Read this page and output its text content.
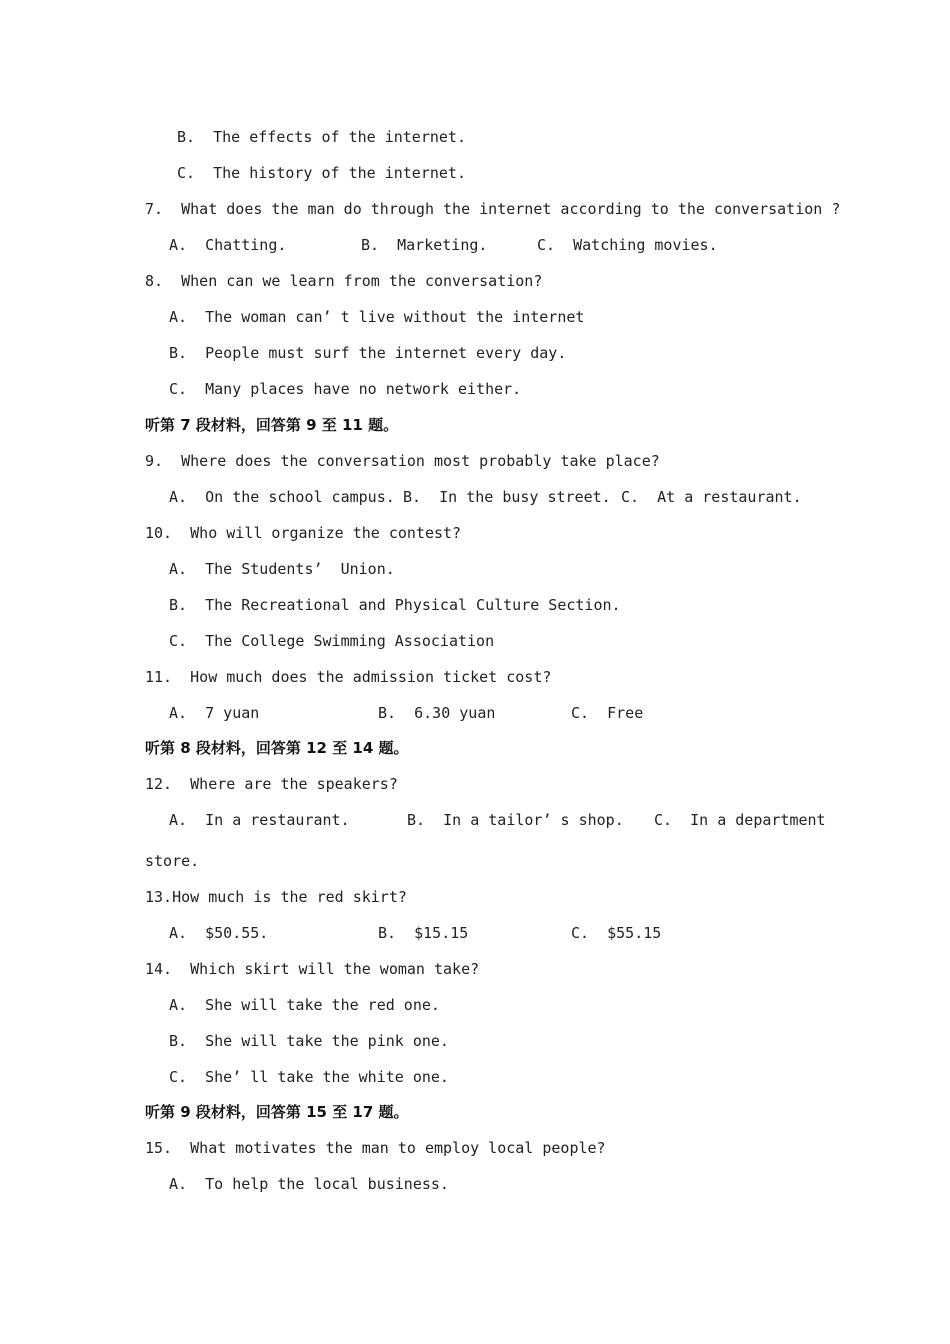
B.  The effects of the internet.
C.  The history of the internet.
7.  What does the man do through the internet according to the conversation ?
A.  Chatting.	B.  Marketing.	C.  Watching movies.
8.  When can we learn from the conversation?
A.  The woman can’ t live without the internet
B.  People must surf the internet every day.
C.  Many places have no network either.
听第 7 段材料，回答第 9 至 11 题。
9.  Where does the conversation most probably take place?
A.  On the school campus. B.  In the busy street. C.  At a restaurant.
10.  Who will organize the contest?
A.  The Students’  Union.
B.  The Recreational and Physical Culture Section.
C.  The College Swimming Association
11.  How much does the admission ticket cost?
A.  7 yuan	B.  6.30 yuan	C.  Free
听第 8 段材料，回答第 12 至 14 题。
12.  Where are the speakers?
A.  In a restaurant.	B.  In a tailor’ s shop. C.  In a department
store.
13.How much is the red skirt?
A.  $50.55.	B.  $15.15	C.  $55.15
14.  Which skirt will the woman take?
A.  She will take the red one.
B.  She will take the pink one.
C.  She’ ll take the white one.
听第 9 段材料，回答第 15 至 17 题。
15.  What motivates the man to employ local people?
A.  To help the local business.
